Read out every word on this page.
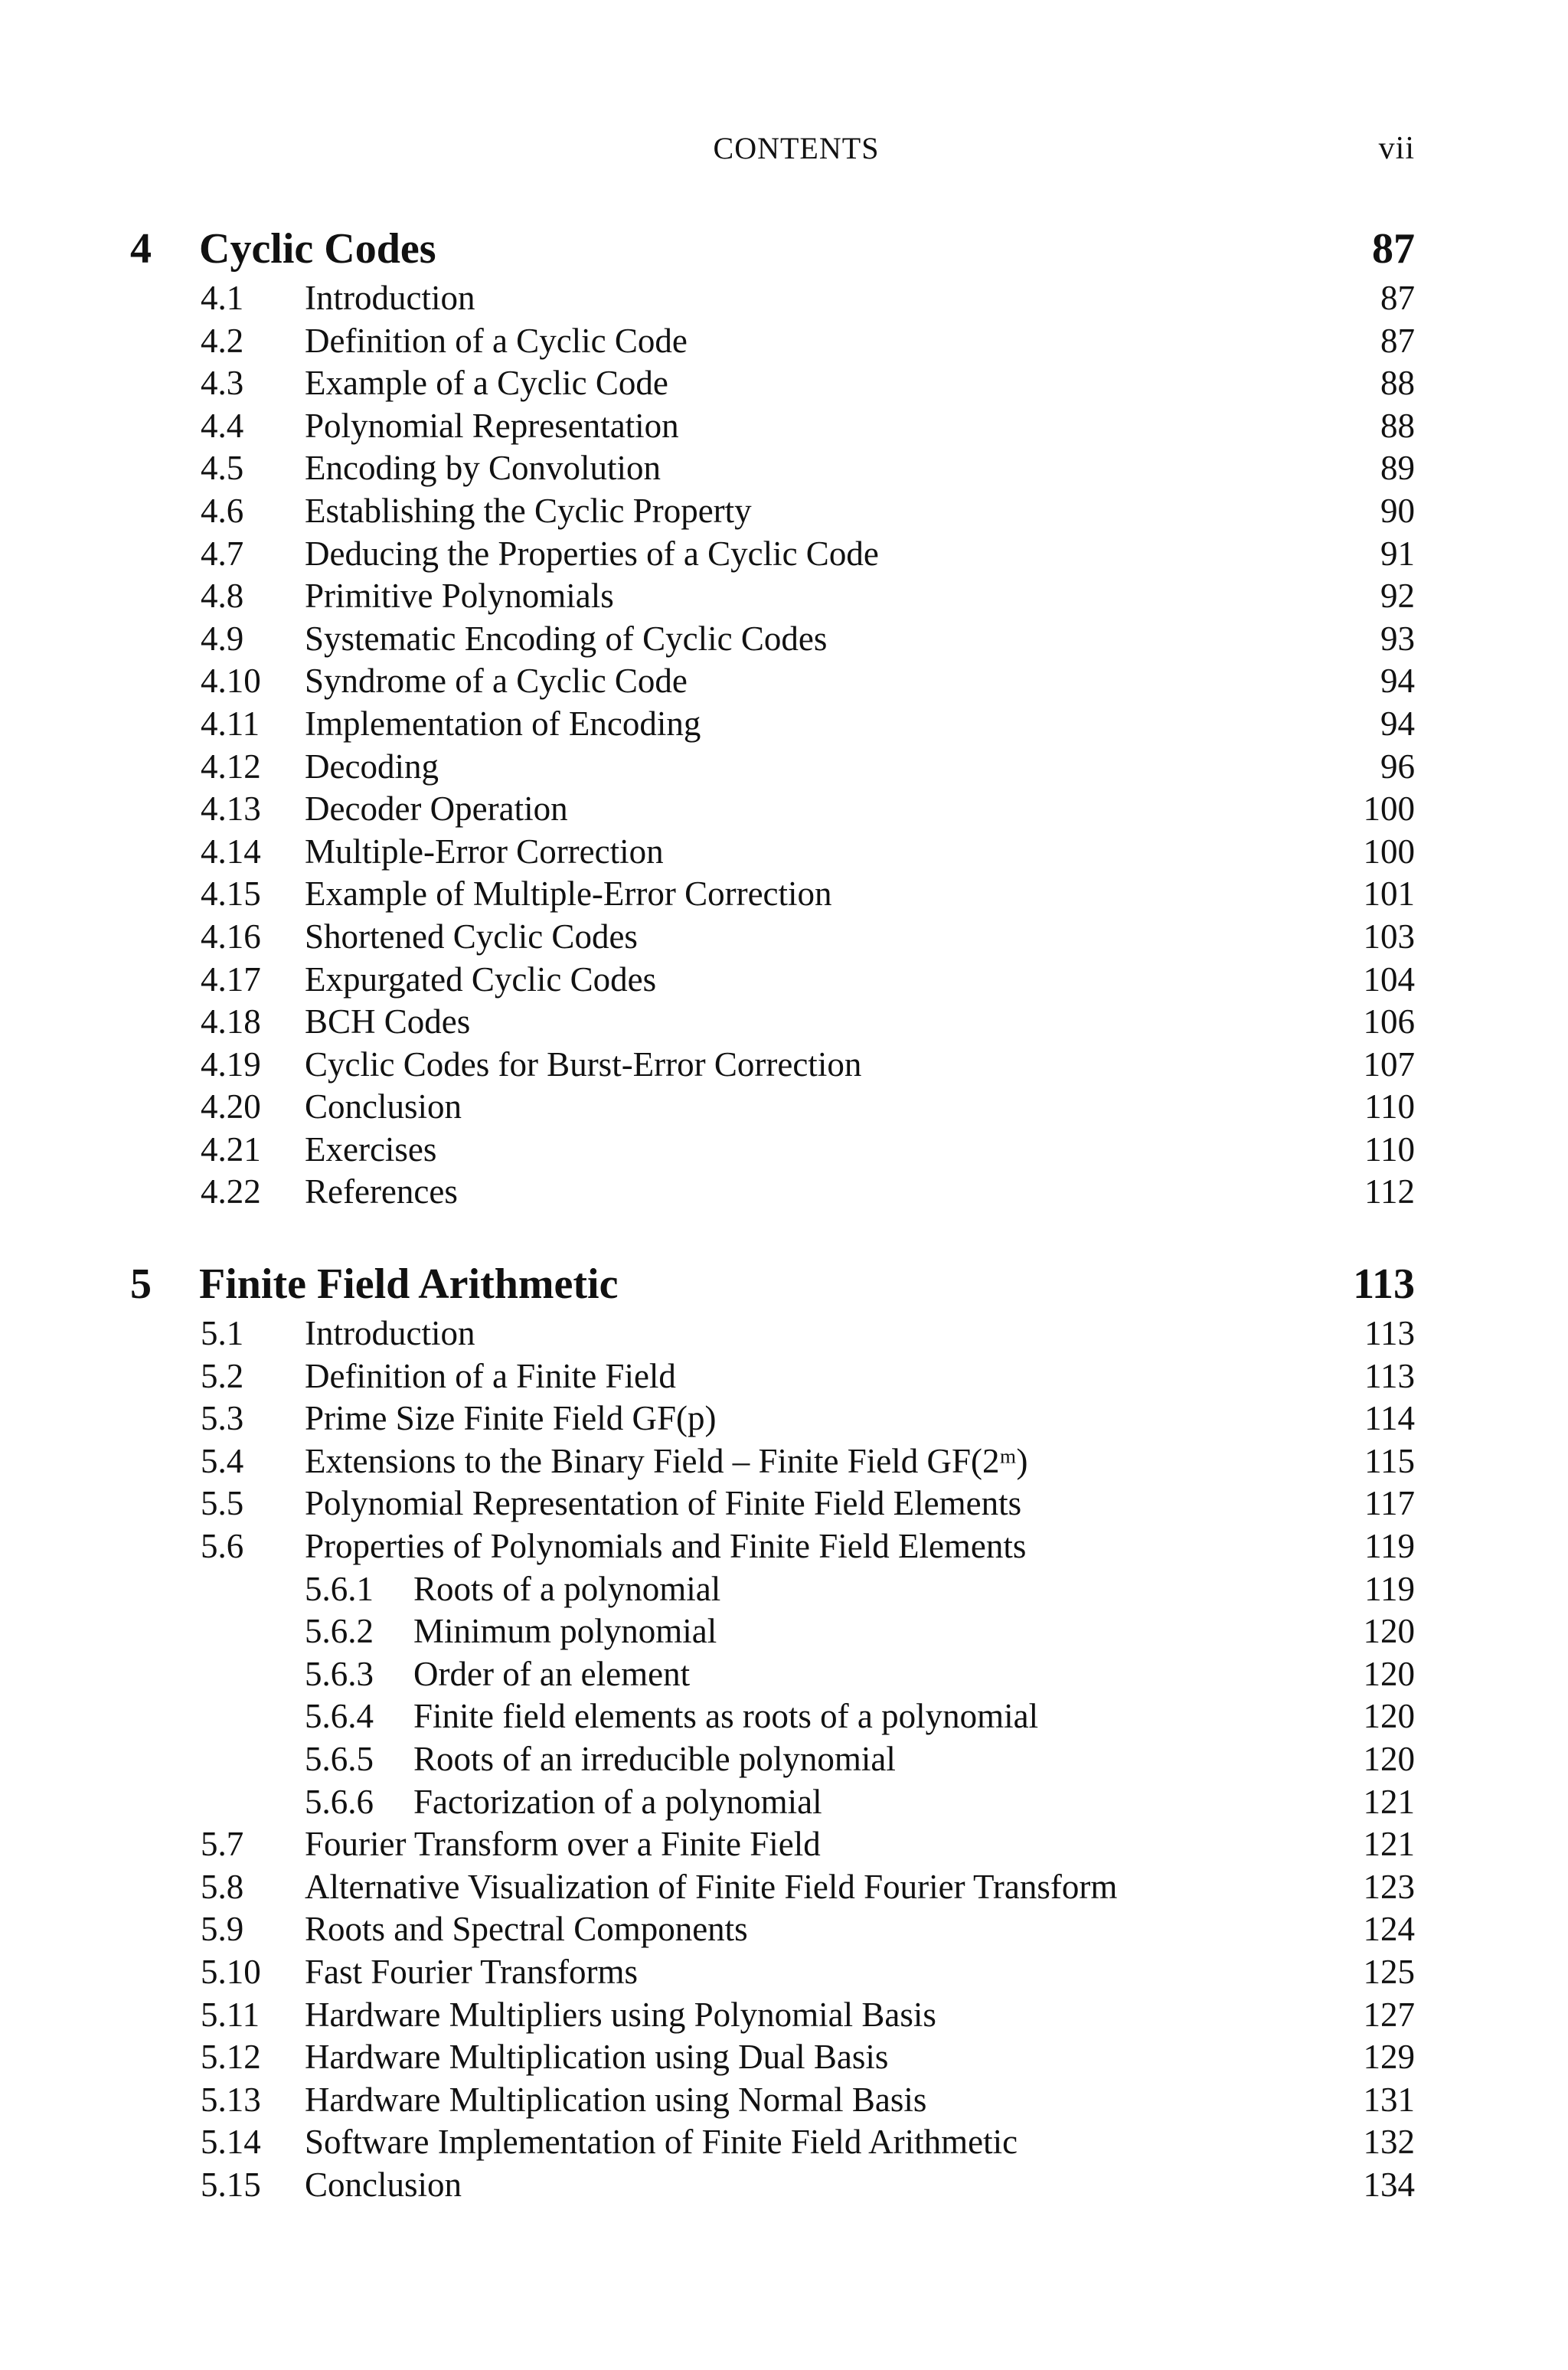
CONTENTS	vii
4 Cyclic Codes	87
4.1 Introduction	87
4.2 Definition of a Cyclic Code	87
4.3 Example of a Cyclic Code	88
4.4 Polynomial Representation	88
4.5 Encoding by Convolution	89
4.6 Establishing the Cyclic Property	90
4.7 Deducing the Properties of a Cyclic Code	91
4.8 Primitive Polynomials	92
4.9 Systematic Encoding of Cyclic Codes	93
4.10 Syndrome of a Cyclic Code	94
4.11 Implementation of Encoding	94
4.12 Decoding	96
4.13 Decoder Operation	100
4.14 Multiple-Error Correction	100
4.15 Example of Multiple-Error Correction	101
4.16 Shortened Cyclic Codes	103
4.17 Expurgated Cyclic Codes	104
4.18 BCH Codes	106
4.19 Cyclic Codes for Burst-Error Correction	107
4.20 Conclusion	110
4.21 Exercises	110
4.22 References	112
5 Finite Field Arithmetic	113
5.1 Introduction	113
5.2 Definition of a Finite Field	113
5.3 Prime Size Finite Field GF(p)	114
5.4 Extensions to the Binary Field – Finite Field GF(2ᵐ)	115
5.5 Polynomial Representation of Finite Field Elements	117
5.6 Properties of Polynomials and Finite Field Elements	119
5.6.1 Roots of a polynomial	119
5.6.2 Minimum polynomial	120
5.6.3 Order of an element	120
5.6.4 Finite field elements as roots of a polynomial	120
5.6.5 Roots of an irreducible polynomial	120
5.6.6 Factorization of a polynomial	121
5.7 Fourier Transform over a Finite Field	121
5.8 Alternative Visualization of Finite Field Fourier Transform	123
5.9 Roots and Spectral Components	124
5.10 Fast Fourier Transforms	125
5.11 Hardware Multipliers using Polynomial Basis	127
5.12 Hardware Multiplication using Dual Basis	129
5.13 Hardware Multiplication using Normal Basis	131
5.14 Software Implementation of Finite Field Arithmetic	132
5.15 Conclusion	134
